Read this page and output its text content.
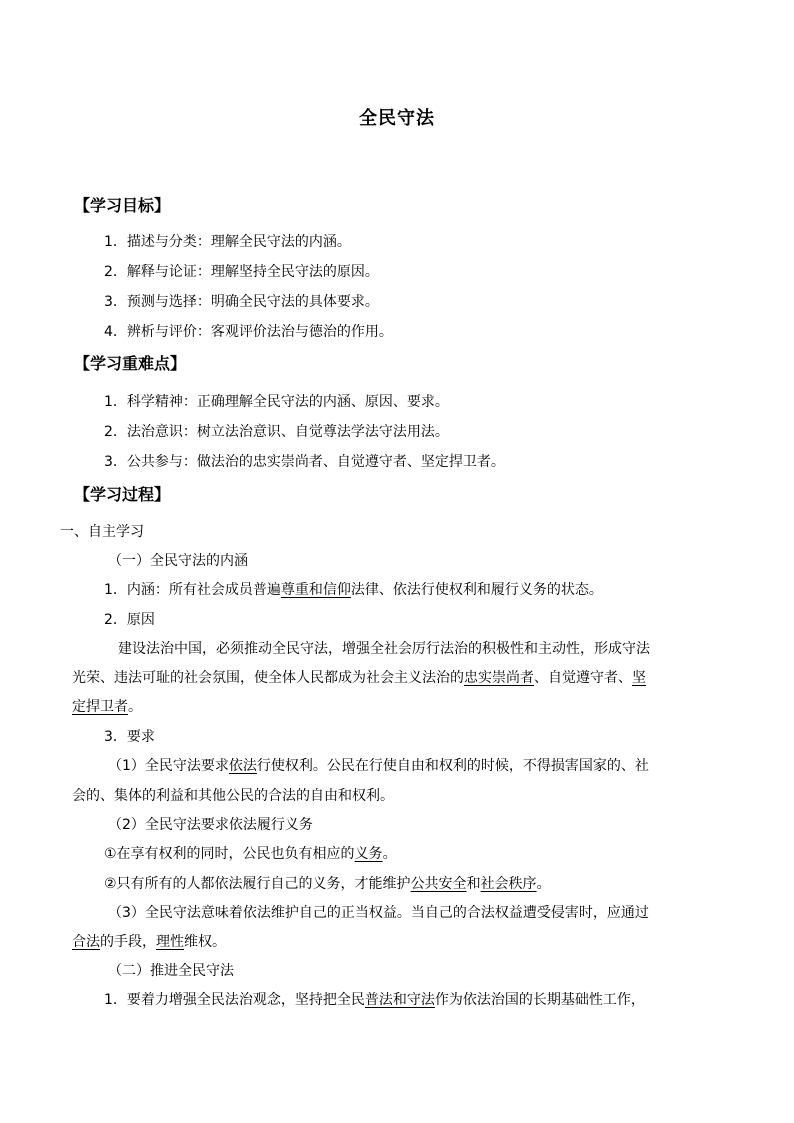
全民守法
【学习目标】
1．描述与分类：理解全民守法的内涵。
2．解释与论证：理解坚持全民守法的原因。
3．预测与选择：明确全民守法的具体要求。
4．辨析与评价：客观评价法治与德治的作用。
【学习重难点】
1．科学精神：正确理解全民守法的内涵、原因、要求。
2．法治意识：树立法治意识、自觉尊法学法守法用法。
3．公共参与：做法治的忠实崇尚者、自觉遵守者、坚定捍卫者。
【学习过程】
一、自主学习
（一）全民守法的内涵
1．内涵：所有社会成员普遍尊重和信仰法律、依法行使权利和履行义务的状态。
2．原因
建设法治中国，必须推动全民守法，增强全社会厉行法治的积极性和主动性，形成守法
光荣、违法可耻的社会氛围，使全体人民都成为社会主义法治的忠实崇尚者、自觉遵守者、坚
定捍卫者。
3．要求
（1）全民守法要求依法行使权利。公民在行使自由和权利的时候，不得损害国家的、社
会的、集体的利益和其他公民的合法的自由和权利。
（2）全民守法要求依法履行义务
①在享有权利的同时，公民也负有相应的义务。
②只有所有的人都依法履行自己的义务，才能维护公共安全和社会秩序。
（3）全民守法意味着依法维护自己的正当权益。当自己的合法权益遭受侵害时，应通过
合法的手段，理性维权。
（二）推进全民守法
1．要着力增强全民法治观念，坚持把全民普法和守法作为依法治国的长期基础性工作，
